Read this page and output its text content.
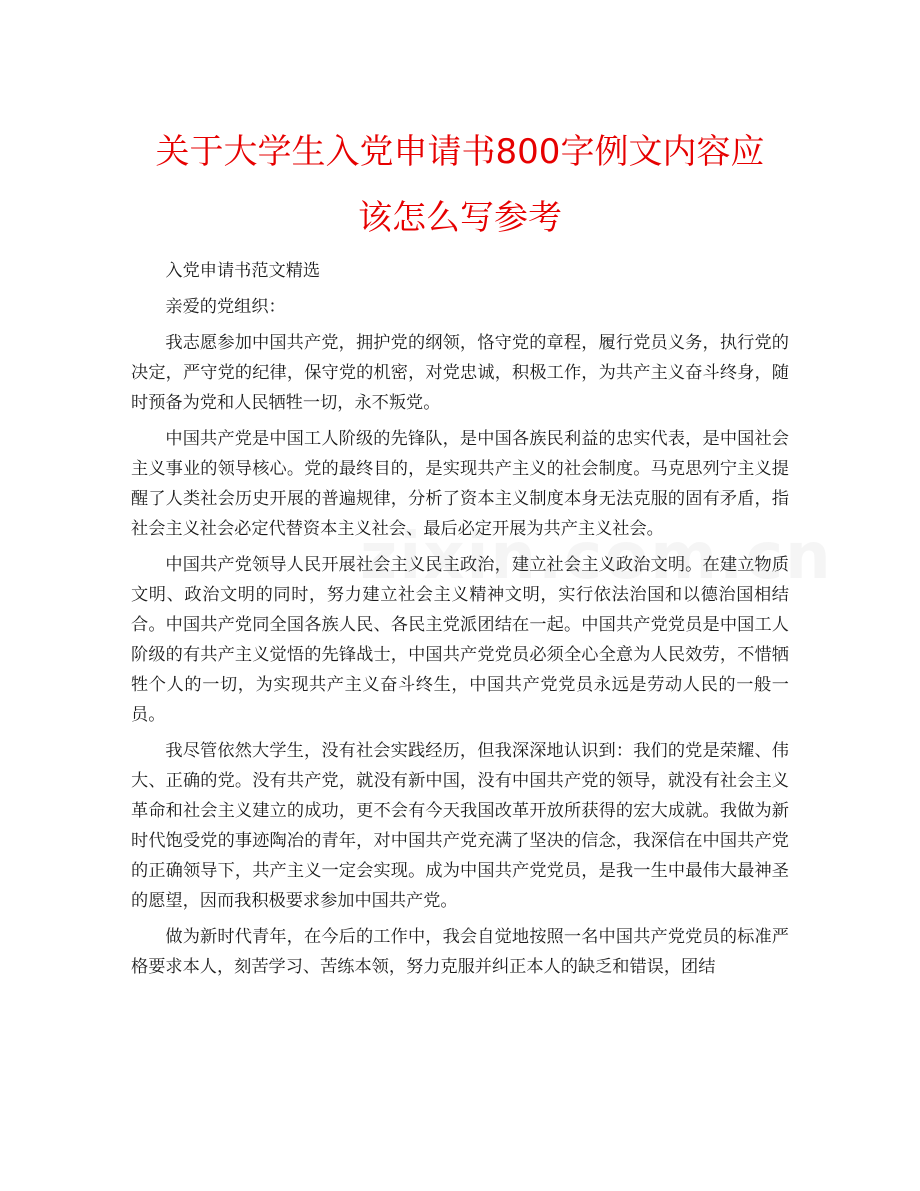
关于大学生入党申请书800字例文内容应
该怎么写参考

入党申请书范文精选

亲爱的党组织：

我志愿参加中国共产党，拥护党的纲领，恪守党的章程，履行党员义务，执行党的决定，严守党的纪律，保守党的机密，对党忠诚，积极工作，为共产主义奋斗终身，随时预备为党和人民牺牲一切，永不叛党。

中国共产党是中国工人阶级的先锋队，是中国各族民利益的忠实代表，是中国社会主义事业的领导核心。党的最终目的，是实现共产主义的社会制度。马克思列宁主义提醒了人类社会历史开展的普遍规律，分析了资本主义制度本身无法克服的固有矛盾，指社会主义社会必定代替资本主义社会、最后必定开展为共产主义社会。

中国共产党领导人民开展社会主义民主政治，建立社会主义政治文明。在建立物质文明、政治文明的同时，努力建立社会主义精神文明，实行依法治国和以德治国相结合。中国共产党同全国各族人民、各民主党派团结在一起。中国共产党党员是中国工人阶级的有共产主义觉悟的先锋战士，中国共产党党员必须全心全意为人民效劳，不惜牺牲个人的一切，为实现共产主义奋斗终生，中国共产党党员永远是劳动人民的一般一员。

我尽管依然大学生，没有社会实践经历，但我深深地认识到：我们的党是荣耀、伟大、正确的党。没有共产党，就没有新中国，没有中国共产党的领导，就没有社会主义革命和社会主义建立的成功，更不会有今天我国改革开放所获得的宏大成就。我做为新时代饱受党的事迹陶冶的青年，对中国共产党充满了坚决的信念，我深信在中国共产党的正确领导下，共产主义一定会实现。成为中国共产党党员，是我一生中最伟大最神圣的愿望，因而我积极要求参加中国共产党。

做为新时代青年，在今后的工作中，我会自觉地按照一名中国共产党党员的标准严格要求本人，刻苦学习、苦练本领，努力克服并纠正本人的缺乏和错误，团结
